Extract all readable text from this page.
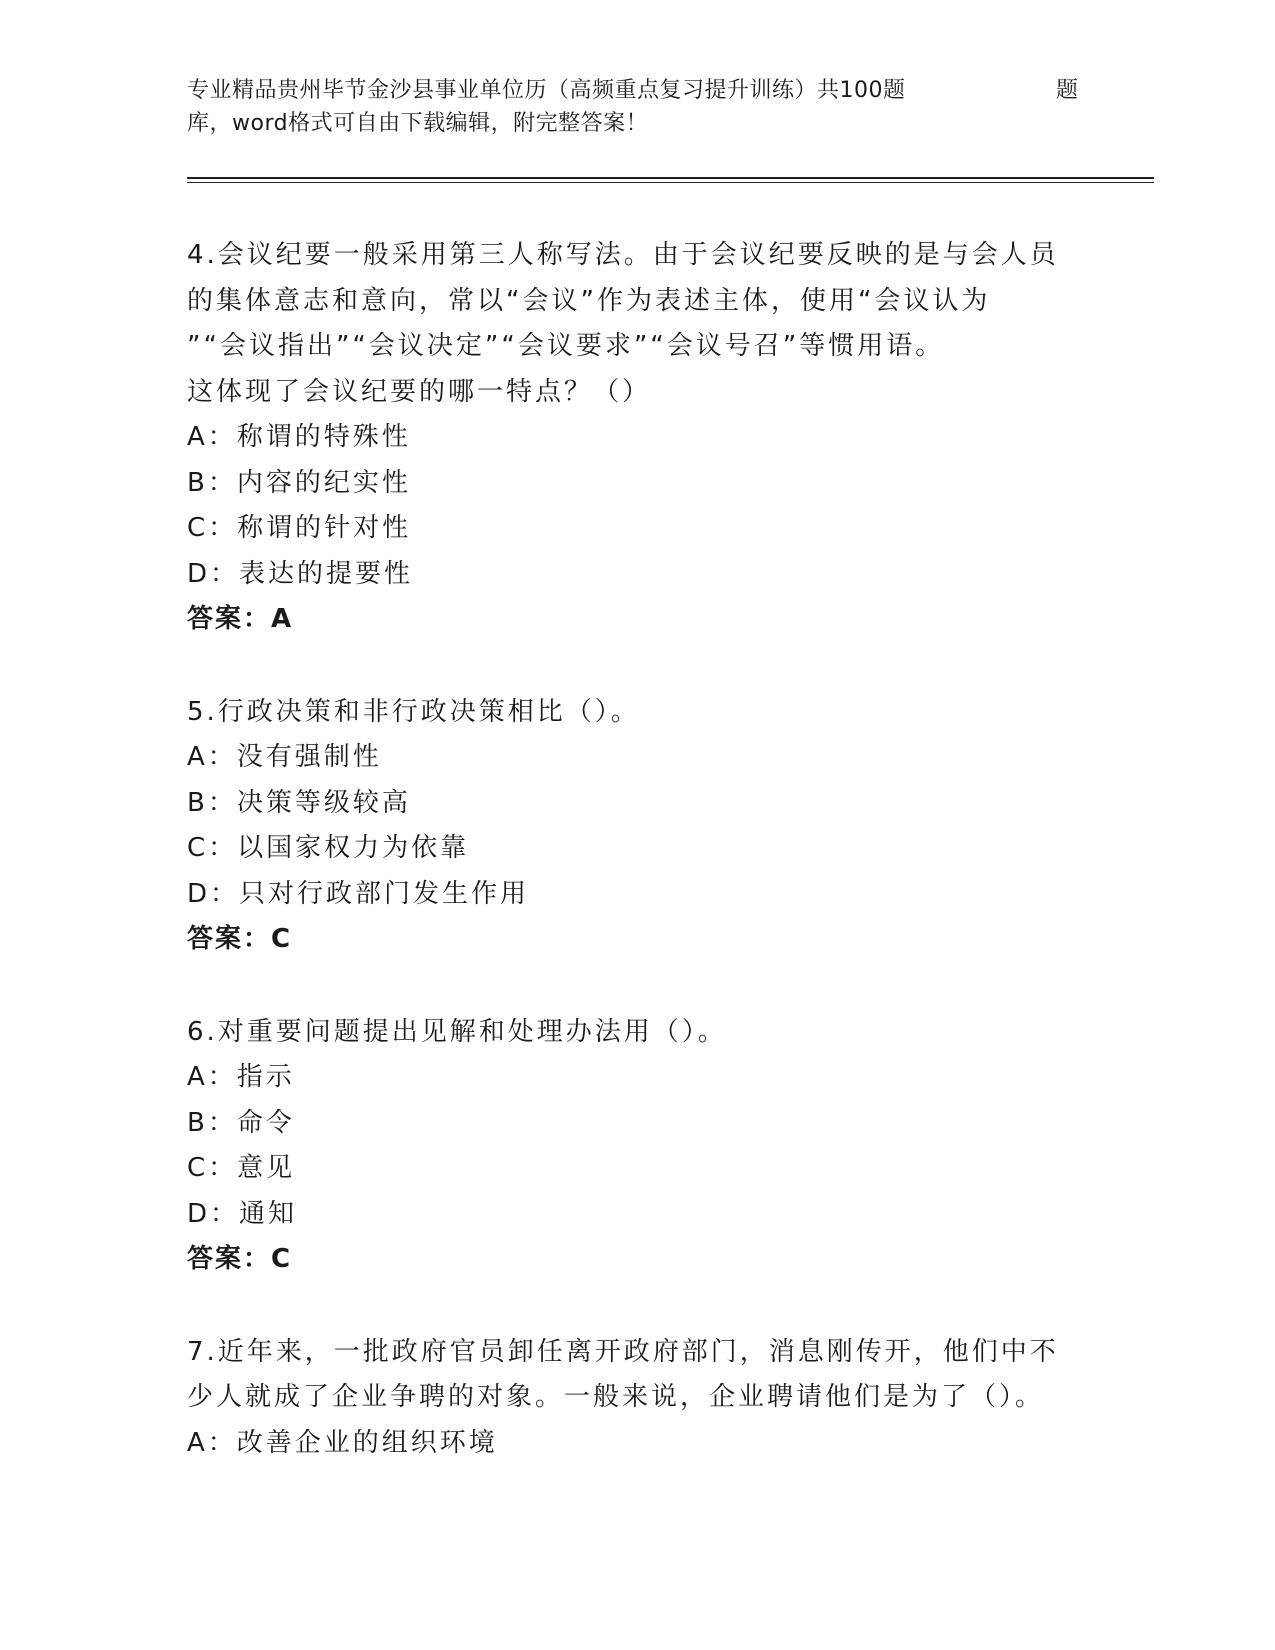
专业精品贵州毕节金沙县事业单位历（高频重点复习提升训练）共100题	题
库，word格式可自由下载编辑，附完整答案！
4.会议纪要一般采用第三人称写法。由于会议纪要反映的是与会人员
的集体意志和意向，常以“会议”作为表述主体，使用“会议认为
”“会议指出”“会议决定”“会议要求”“会议号召”等惯用语。
这体现了会议纪要的哪一特点？（）
A：称谓的特殊性
B：内容的纪实性
C：称谓的针对性
D：表达的提要性
答案：A
5.行政决策和非行政决策相比（）。
A：没有强制性
B：决策等级较高
C：以国家权力为依靠
D：只对行政部门发生作用
答案：C
6.对重要问题提出见解和处理办法用（）。
A：指示
B：命令
C：意见
D：通知
答案：C
7.近年来，一批政府官员卸任离开政府部门，消息刚传开，他们中不
少人就成了企业争聘的对象。一般来说，企业聘请他们是为了（）。
A：改善企业的组织环境
